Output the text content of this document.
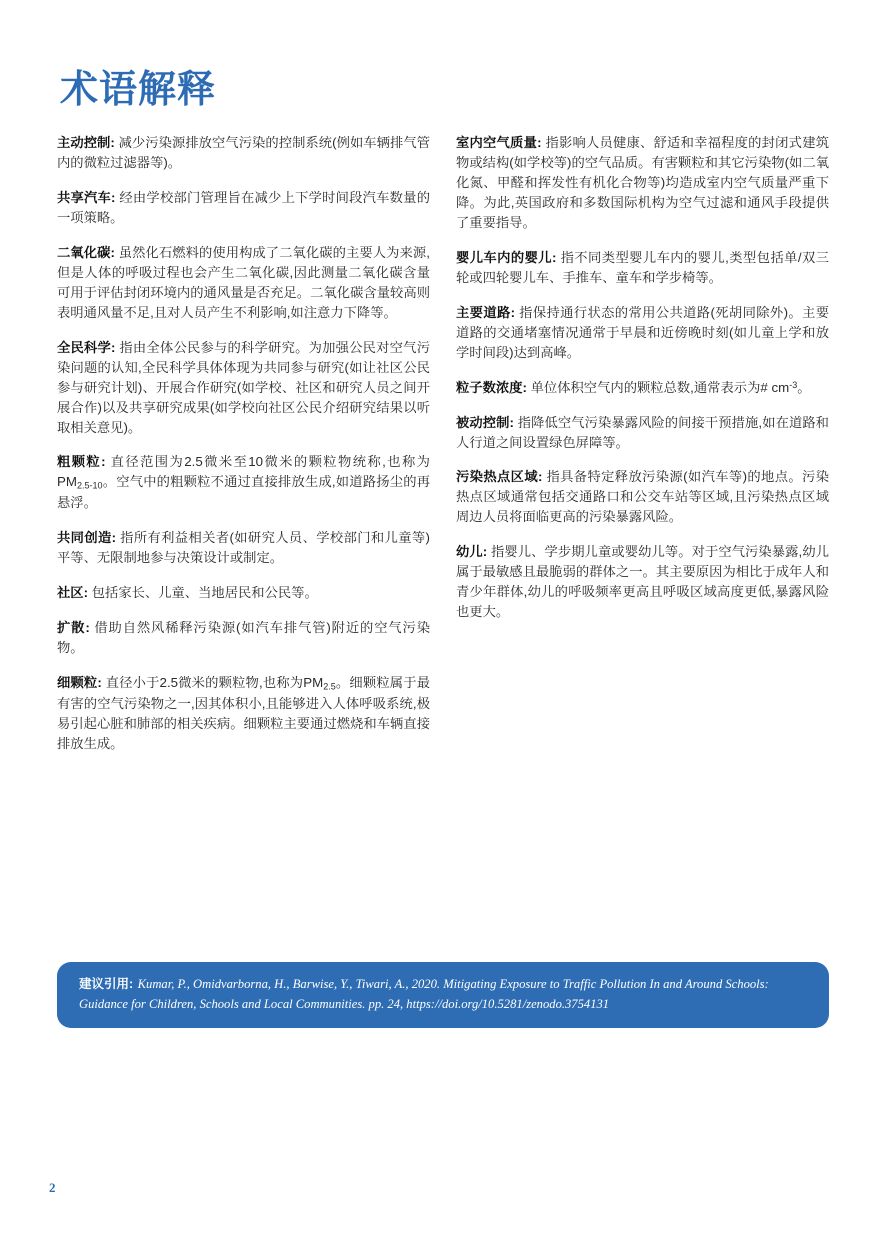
术语解释

主动控制: 减少污染源排放空气污染的控制系统(例如车辆排气管内的微粒过滤器等)。

共享汽车: 经由学校部门管理旨在减少上下学时间段汽车数量的一项策略。

二氧化碳: 虽然化石燃料的使用构成了二氧化碳的主要人为来源,但是人体的呼吸过程也会产生二氧化碳,因此测量二氧化碳含量可用于评估封闭环境内的通风量是否充足。二氧化碳含量较高则表明通风量不足,且对人员产生不利影响,如注意力下降等。

全民科学: 指由全体公民参与的科学研究。为加强公民对空气污染问题的认知,全民科学具体体现为共同参与研究(如让社区公民参与研究计划)、开展合作研究(如学校、社区和研究人员之间开展合作)以及共享研究成果(如学校向社区公民介绍研究结果以听取相关意见)。

粗颗粒: 直径范围为2.5微米至10微米的颗粒物统称,也称为$PM_{2.5-10}$。空气中的粗颗粒不通过直接排放生成,如道路扬尘的再悬浮。

共同创造: 指所有利益相关者(如研究人员、学校部门和儿童等)平等、无限制地参与决策设计或制定。

社区: 包括家长、儿童、当地居民和公民等。

扩散: 借助自然风稀释污染源(如汽车排气管)附近的空气污染物。

细颗粒: 直径小于2.5微米的颗粒物,也称为$PM_{2.5}$。细颗粒属于最有害的空气污染物之一,因其体积小,且能够进入人体呼吸系统,极易引起心脏和肺部的相关疾病。细颗粒主要通过燃烧和车辆直接排放生成。

室内空气质量: 指影响人员健康、舒适和幸福程度的封闭式建筑物或结构(如学校等)的空气品质。有害颗粒和其它污染物(如二氧化氮、甲醛和挥发性有机化合物等)均造成室内空气质量严重下降。为此,英国政府和多数国际机构为空气过滤和通风手段提供了重要指导。

婴儿车内的婴儿: 指不同类型婴儿车内的婴儿,类型包括单/双三轮或四轮婴儿车、手推车、童车和学步椅等。

主要道路: 指保持通行状态的常用公共道路(死胡同除外)。主要道路的交通堵塞情况通常于早晨和近傍晚时刻(如儿童上学和放学时间段)达到高峰。

粒子数浓度: 单位体积空气内的颗粒总数,通常表示为# $cm^{-3}$。

被动控制: 指降低空气污染暴露风险的间接干预措施,如在道路和人行道之间设置绿色屏障等。

污染热点区域: 指具备特定释放污染源(如汽车等)的地点。污染热点区域通常包括交通路口和公交车站等区域,且污染热点区域周边人员将面临更高的污染暴露风险。

幼儿: 指婴儿、学步期儿童或婴幼儿等。对于空气污染暴露,幼儿属于最敏感且最脆弱的群体之一。其主要原因为相比于成年人和青少年群体,幼儿的呼吸频率更高且呼吸区域高度更低,暴露风险也更大。

建议引用: Kumar, P., Omidvarborna, H., Barwise, Y., Tiwari, A., 2020. Mitigating Exposure to Traffic Pollution In and Around Schools: Guidance for Children, Schools and Local Communities. pp. 24, https://doi.org/10.5281/zenodo.3754131
2
